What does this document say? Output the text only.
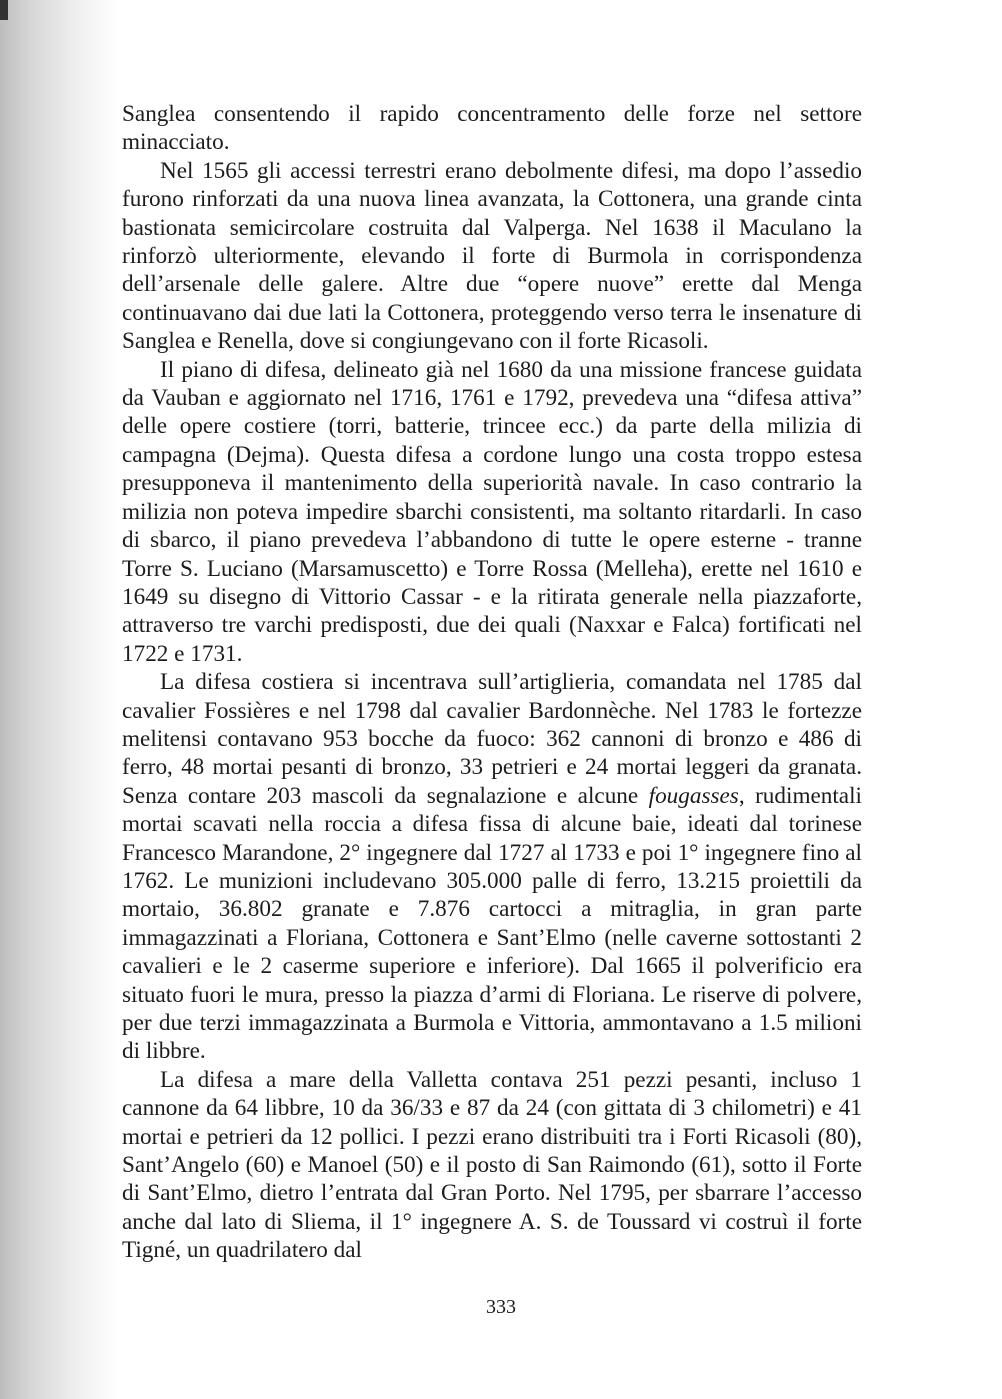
Sanglea consentendo il rapido concentramento delle forze nel settore minacciato.

Nel 1565 gli accessi terrestri erano debolmente difesi, ma dopo l’assedio furono rinforzati da una nuova linea avanzata, la Cottonera, una grande cinta bastionata semicircolare costruita dal Valperga. Nel 1638 il Maculano la rinforzò ulteriormente, elevando il forte di Burmola in corrispondenza dell’arsenale delle galere. Altre due “opere nuove” erette dal Menga continuavano dai due lati la Cottonera, proteggendo verso terra le insenature di Sanglea e Renella, dove si congiungevano con il forte Ricasoli.

Il piano di difesa, delineato già nel 1680 da una missione francese guidata da Vauban e aggiornato nel 1716, 1761 e 1792, prevedeva una “difesa attiva” delle opere costiere (torri, batterie, trincee ecc.) da parte della milizia di campagna (Dejma). Questa difesa a cordone lungo una costa troppo estesa presupponeva il mantenimento della superiorità navale. In caso contrario la milizia non poteva impedire sbarchi consistenti, ma soltanto ritardarli. In caso di sbarco, il piano prevedeva l’abbandono di tutte le opere esterne - tranne Torre S. Luciano (Marsamuscetto) e Torre Rossa (Melleha), erette nel 1610 e 1649 su disegno di Vittorio Cassar - e la ritirata generale nella piazzaforte, attraverso tre varchi predisposti, due dei quali (Naxxar e Falca) fortificati nel 1722 e 1731.

La difesa costiera si incentrava sull’artiglieria, comandata nel 1785 dal cavalier Fossières e nel 1798 dal cavalier Bardonnèche. Nel 1783 le fortezze melitensi contavano 953 bocche da fuoco: 362 cannoni di bronzo e 486 di ferro, 48 mortai pesanti di bronzo, 33 petrieri e 24 mortai leggeri da granata. Senza contare 203 mascoli da segnalazione e alcune fougasses, rudimentali mortai scavati nella roccia a difesa fissa di alcune baie, ideati dal torinese Francesco Marandone, 2° ingegnere dal 1727 al 1733 e poi 1° ingegnere fino al 1762. Le munizioni includevano 305.000 palle di ferro, 13.215 proiettili da mortaio, 36.802 granate e 7.876 cartocci a mitraglia, in gran parte immagazzinati a Floriana, Cottonera e Sant’Elmo (nelle caverne sottostanti 2 cavalieri e le 2 caserme superiore e inferiore). Dal 1665 il polverificio era situato fuori le mura, presso la piazza d’armi di Floriana. Le riserve di polvere, per due terzi immagazzinata a Burmola e Vittoria, ammontavano a 1.5 milioni di libbre.

La difesa a mare della Valletta contava 251 pezzi pesanti, incluso 1 cannone da 64 libbre, 10 da 36/33 e 87 da 24 (con gittata di 3 chilometri) e 41 mortai e petrieri da 12 pollici. I pezzi erano distribuiti tra i Forti Ricasoli (80), Sant’Angelo (60) e Manoel (50) e il posto di San Raimondo (61), sotto il Forte di Sant’Elmo, dietro l’entrata dal Gran Porto. Nel 1795, per sbarrare l’accesso anche dal lato di Sliema, il 1° ingegnere A. S. de Toussard vi costruì il forte Tigné, un quadrilatero dal

333
